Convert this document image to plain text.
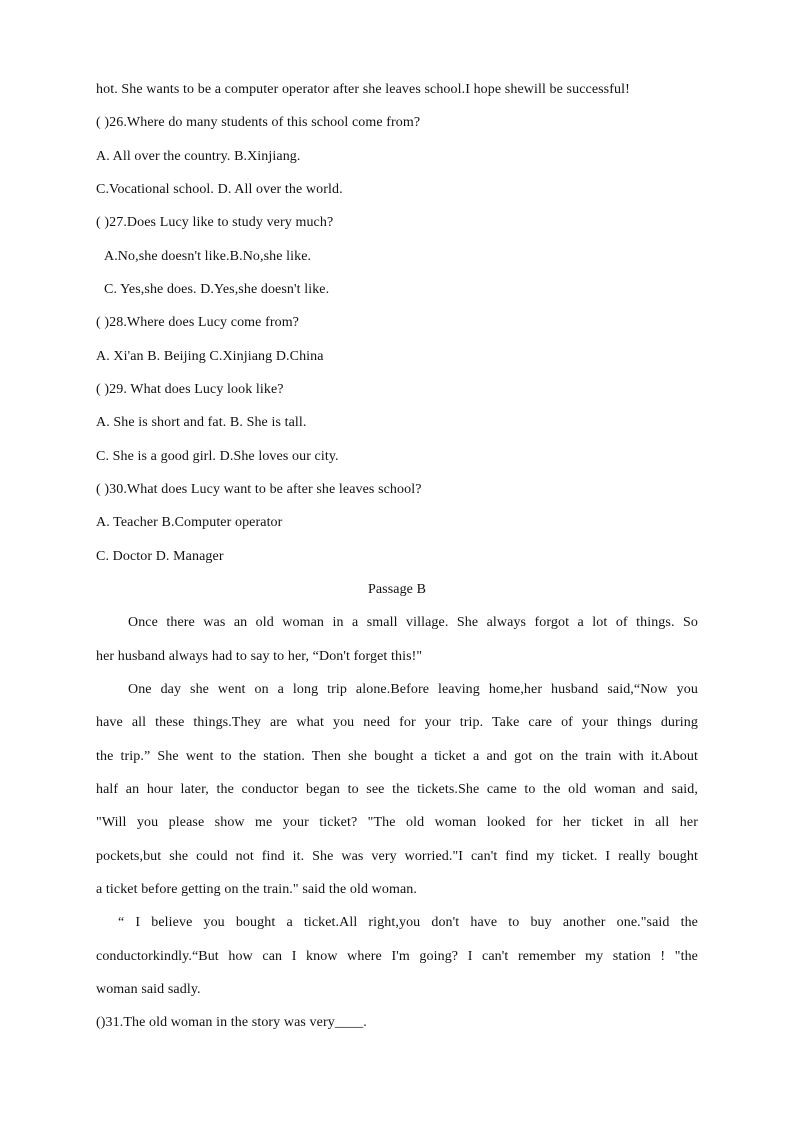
hot. She wants to be a computer operator after she leaves school.I hope shewill be successful!
( )26.Where do many students of this school come from?
A. All over the country. B.Xinjiang.
C.Vocational school. D. All over the world.
( )27.Does Lucy like to study very much?
A.No,she doesn't like.B.No,she like.
C. Yes,she does. D.Yes,she doesn't like.
( )28.Where does Lucy come from?
A. Xi'an B. Beijing C.Xinjiang D.China
( )29. What does Lucy look like?
A. She is short and fat. B. She is tall.
C. She is a good girl. D.She loves our city.
( )30.What does Lucy want to be after she leaves school?
A. Teacher B.Computer operator
C. Doctor D. Manager
Passage B
Once there was an old woman in a small village. She always forgot a lot of things. So
her husband always had to say to her, “Don't forget this!"
One day she went on a long trip alone.Before leaving home,her husband said,“Now you
have all these things.They are what you need for your trip. Take care of your things during
the trip.” She went to the station. Then she bought a ticket a and got on the train with it.About
half an hour later, the conductor began to see the tickets.She came to the old woman and said,
"Will you please show me your ticket? "The old woman looked for her ticket in all her
pockets,but she could not find it. She was very worried."I can't find my ticket. I really bought
a ticket before getting on the train." said the old woman.
“ I believe you bought a ticket.All right,you don't have to buy another one."said the
conductorkindly.“But how can I know where I'm going? I can't remember my station ! "the
woman said sadly.
()31.The old woman in the story was very____.
